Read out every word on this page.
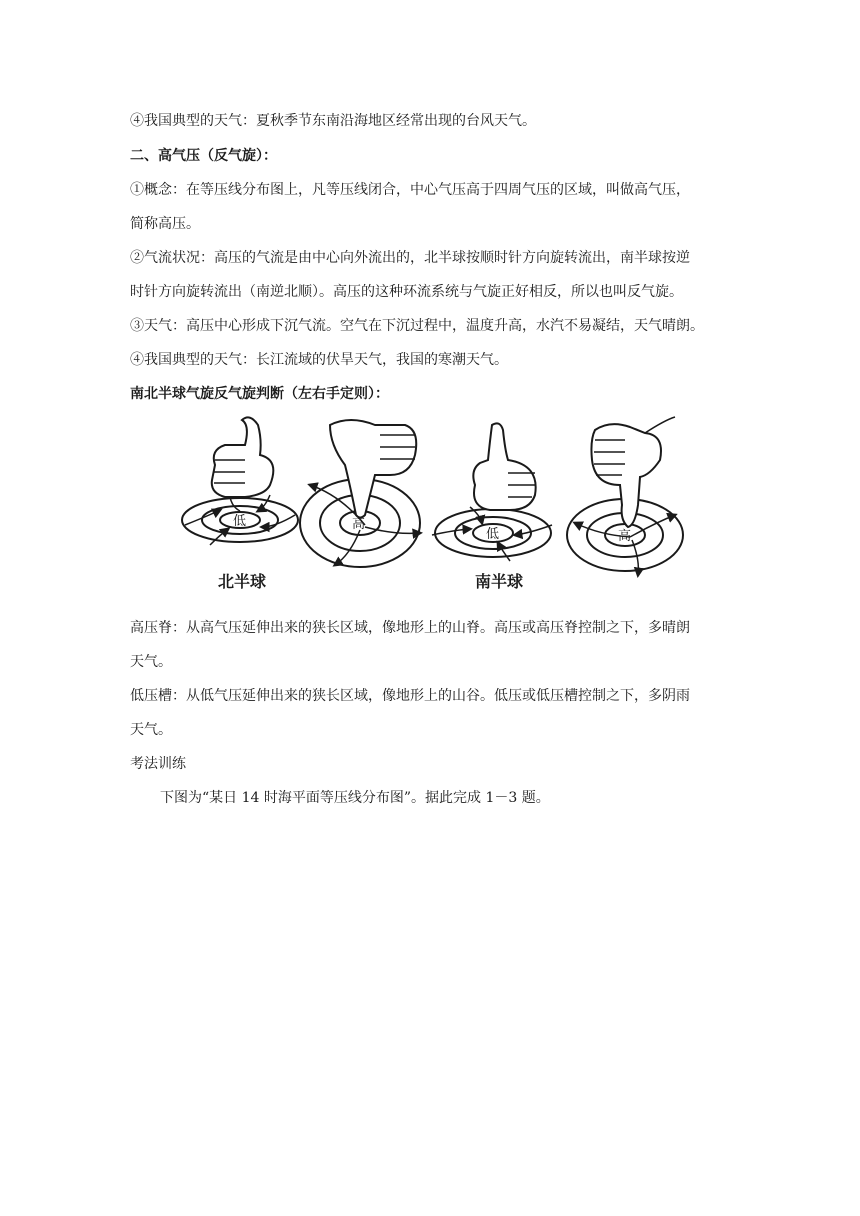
④我国典型的天气：夏秋季节东南沿海地区经常出现的台风天气。
二、高气压（反气旋）：
①概念：在等压线分布图上，凡等压线闭合，中心气压高于四周气压的区域，叫做高气压，
简称高压。
②气流状况：高压的气流是由中心向外流出的，北半球按顺时针方向旋转流出，南半球按逆
时针方向旋转流出（南逆北顺）。高压的这种环流系统与气旋正好相反，所以也叫反气旋。
③天气：高压中心形成下沉气流。空气在下沉过程中，温度升高，水汽不易凝结，天气晴朗。
④我国典型的天气：长江流域的伏旱天气，我国的寒潮天气。
南北半球气旋反气旋判断（左右手定则）：
低	高
低	高
北半球	南半球
高压脊：从高气压延伸出来的狭长区域，像地形上的山脊。高压或高压脊控制之下，多晴朗
天气。
低压槽：从低气压延伸出来的狭长区域，像地形上的山谷。低压或低压槽控制之下，多阴雨
天气。
考法训练
下图为“某日 14 时海平面等压线分布图”。据此完成 1－3 题。
